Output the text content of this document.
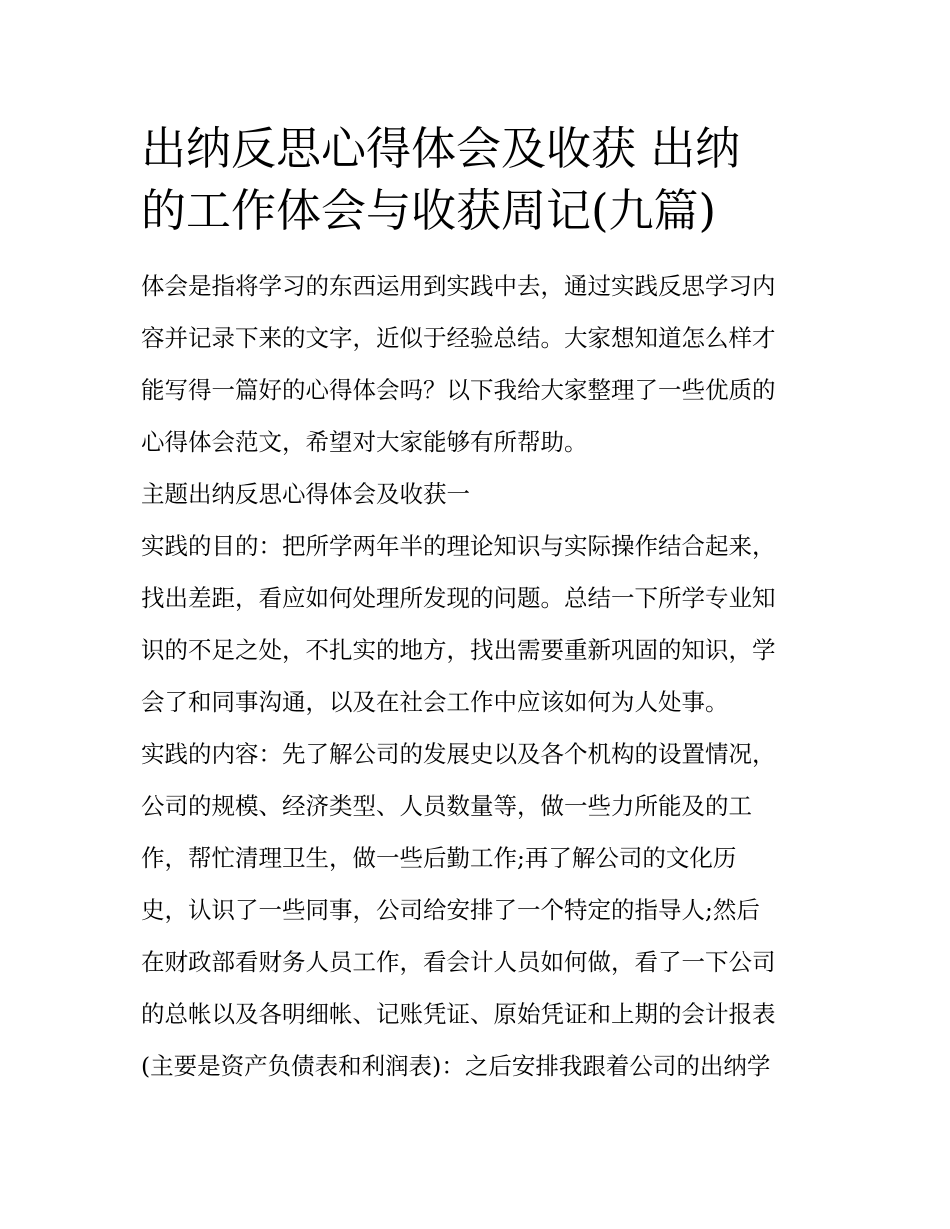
出纳反思心得体会及收获 出纳
的工作体会与收获周记(九篇)
体会是指将学习的东西运用到实践中去，通过实践反思学习内
容并记录下来的文字，近似于经验总结。大家想知道怎么样才
能写得一篇好的心得体会吗？以下我给大家整理了一些优质的
心得体会范文，希望对大家能够有所帮助。
主题出纳反思心得体会及收获一
实践的目的：把所学两年半的理论知识与实际操作结合起来，
找出差距，看应如何处理所发现的问题。总结一下所学专业知
识的不足之处，不扎实的地方，找出需要重新巩固的知识，学
会了和同事沟通，以及在社会工作中应该如何为人处事。
实践的内容：先了解公司的发展史以及各个机构的设置情况，
公司的规模、经济类型、人员数量等，做一些力所能及的工
作，帮忙清理卫生，做一些后勤工作;再了解公司的文化历
史，认识了一些同事，公司给安排了一个特定的指导人;然后
在财政部看财务人员工作，看会计人员如何做，看了一下公司
的总帐以及各明细帐、记账凭证、原始凭证和上期的会计报表
(主要是资产负债表和利润表)：之后安排我跟着公司的出纳学
